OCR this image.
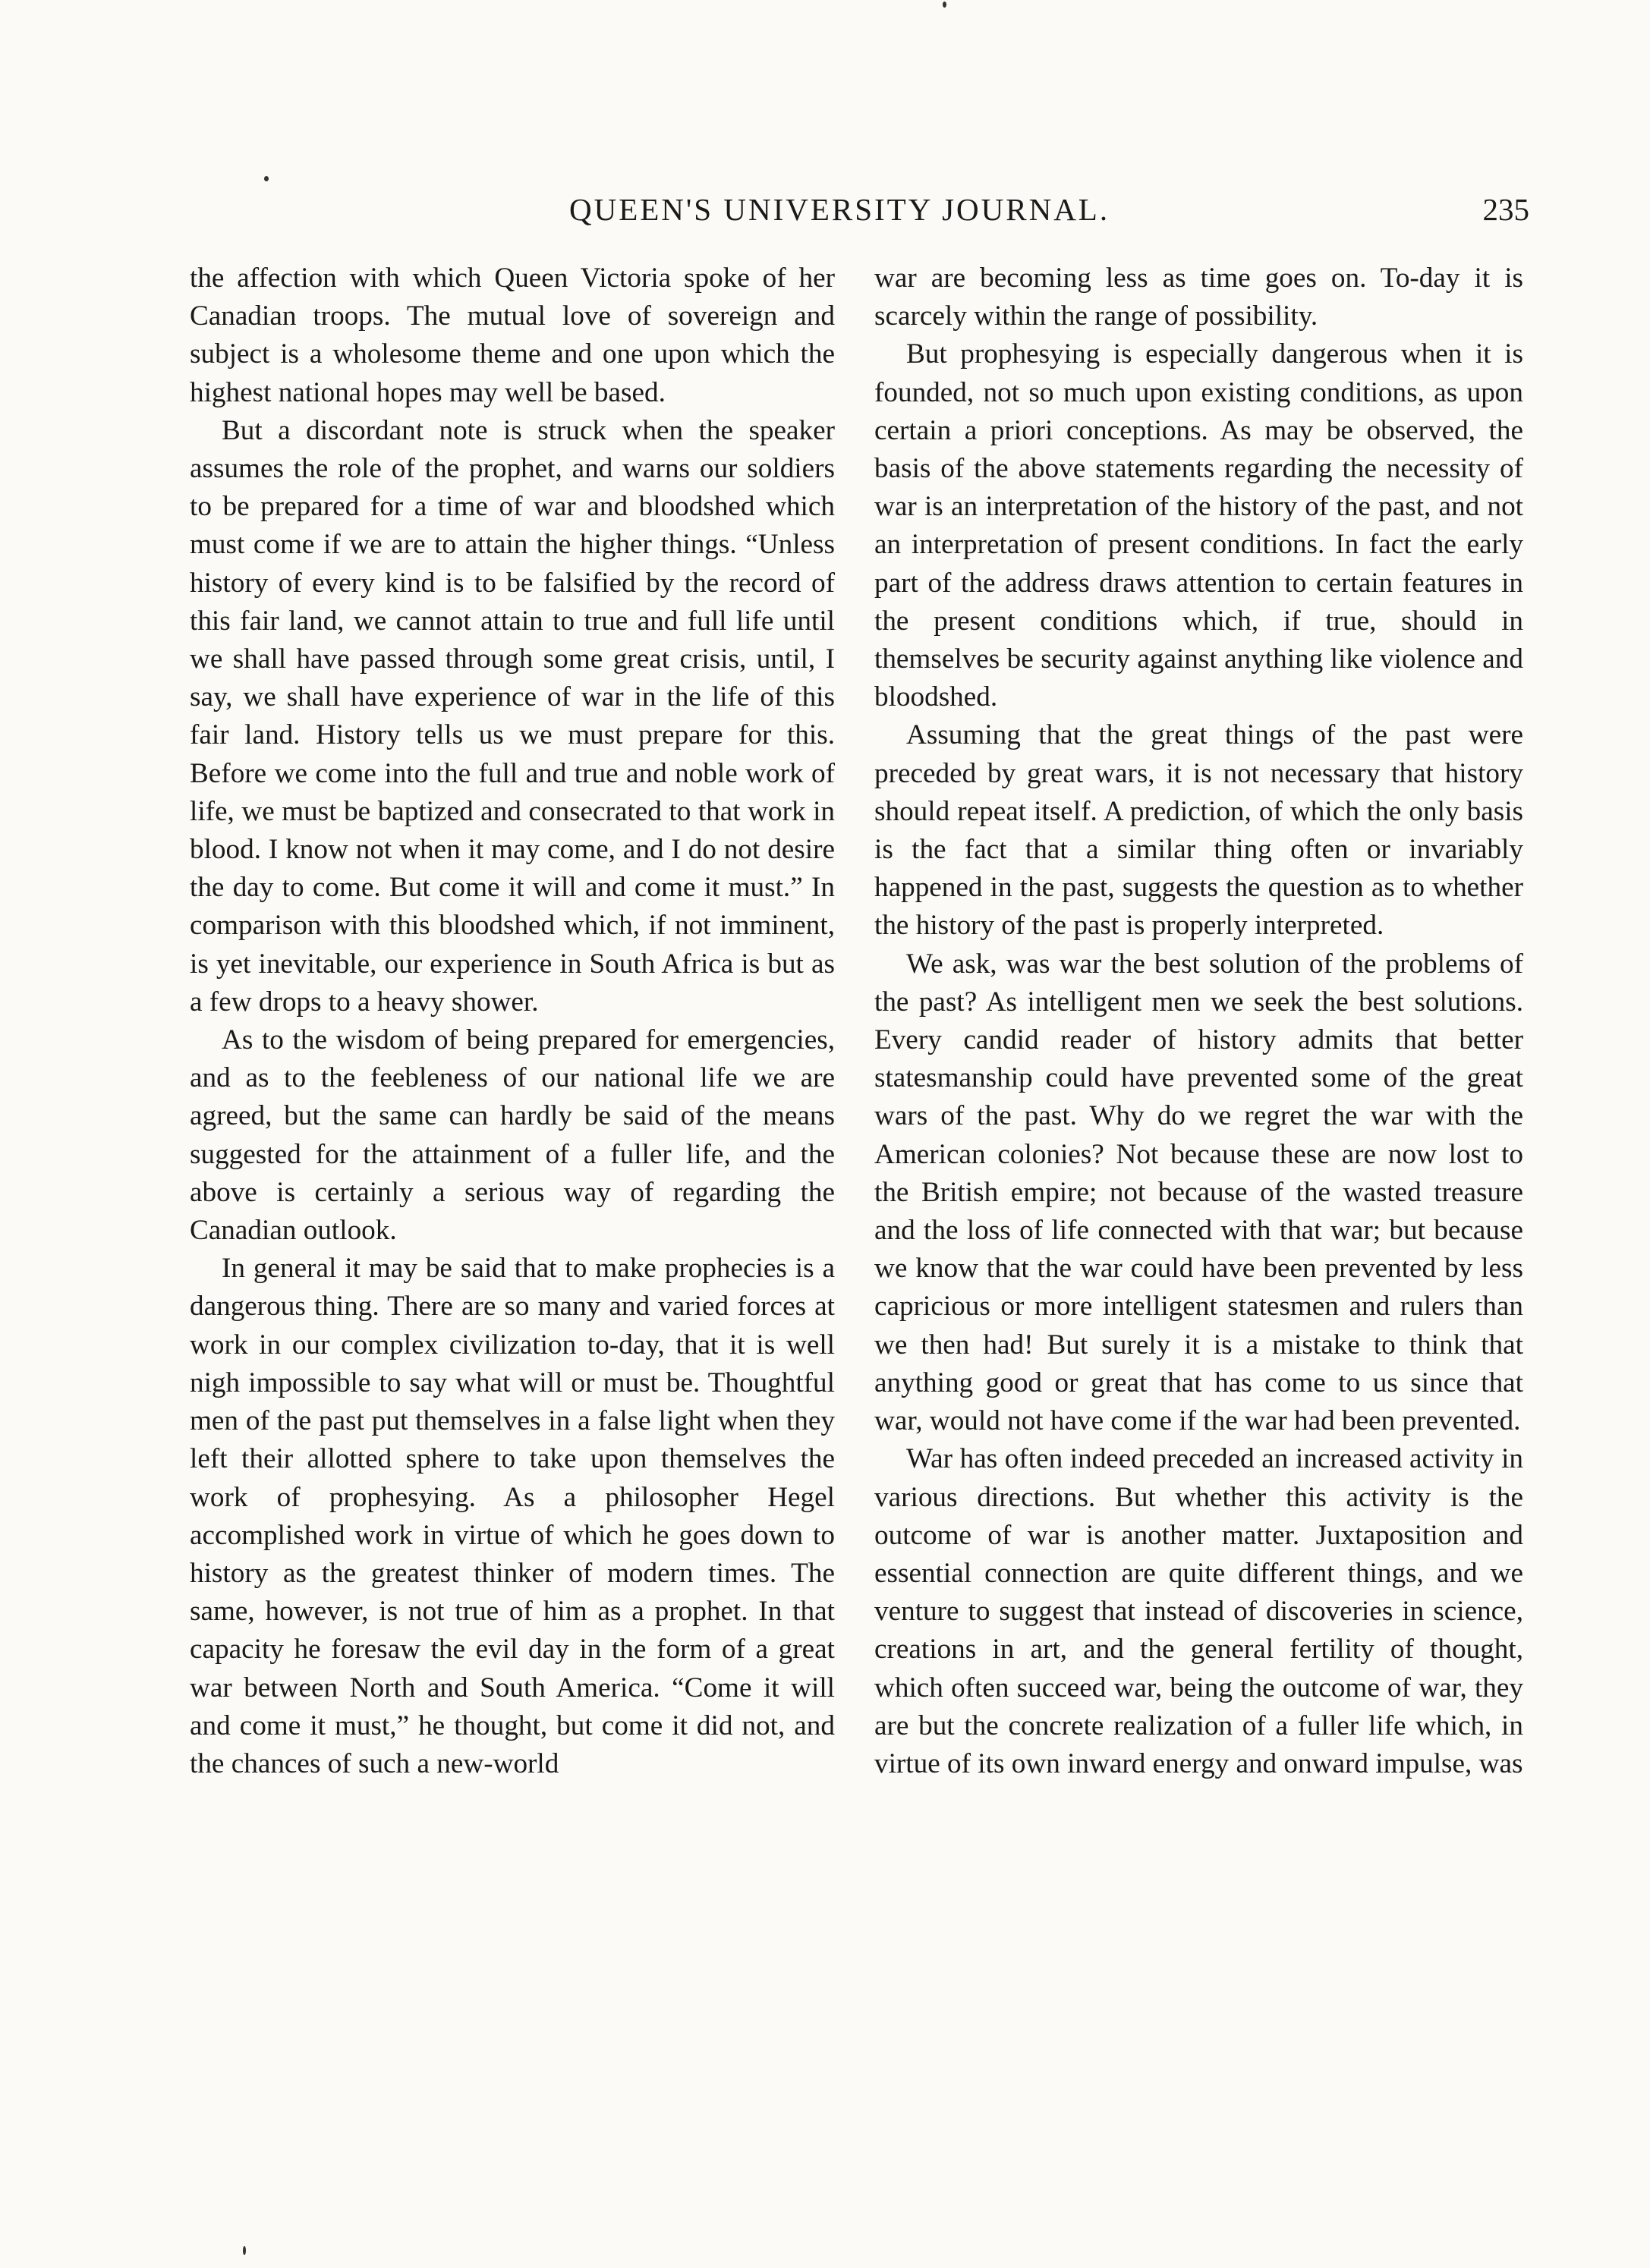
QUEEN'S UNIVERSITY JOURNAL.	235

the affection with which Queen Victoria spoke of her Canadian troops. The mutual love of sovereign and subject is a wholesome theme and one upon which the highest national hopes may well be based.

But a discordant note is struck when the speaker assumes the role of the prophet, and warns our soldiers to be prepared for a time of war and bloodshed which must come if we are to attain the higher things. “Unless history of every kind is to be falsified by the record of this fair land, we cannot attain to true and full life until we shall have passed through some great crisis, until, I say, we shall have experience of war in the life of this fair land. History tells us we must prepare for this. Before we come into the full and true and noble work of life, we must be baptized and consecrated to that work in blood. I know not when it may come, and I do not desire the day to come. But come it will and come it must.” In comparison with this bloodshed which, if not imminent, is yet inevitable, our experience in South Africa is but as a few drops to a heavy shower.

As to the wisdom of being prepared for emergencies, and as to the feebleness of our national life we are agreed, but the same can hardly be said of the means suggested for the attainment of a fuller life, and the above is certainly a serious way of regarding the Canadian outlook.

In general it may be said that to make prophecies is a dangerous thing. There are so many and varied forces at work in our complex civilization to-day, that it is well nigh impossible to say what will or must be. Thoughtful men of the past put themselves in a false light when they left their allotted sphere to take upon themselves the work of prophesying. As a philosopher Hegel accomplished work in virtue of which he goes down to history as the greatest thinker of modern times. The same, however, is not true of him as a prophet. In that capacity he foresaw the evil day in the form of a great war between North and South America. “Come it will and come it must,” he thought, but come it did not, and the chances of such a new-world

war are becoming less as time goes on. To-day it is scarcely within the range of possibility.

But prophesying is especially dangerous when it is founded, not so much upon existing conditions, as upon certain a priori conceptions. As may be observed, the basis of the above statements regarding the necessity of war is an interpretation of the history of the past, and not an interpretation of present conditions. In fact the early part of the address draws attention to certain features in the present conditions which, if true, should in themselves be security against anything like violence and bloodshed.

Assuming that the great things of the past were preceded by great wars, it is not necessary that history should repeat itself. A prediction, of which the only basis is the fact that a similar thing often or invariably happened in the past, suggests the question as to whether the history of the past is properly interpreted.

We ask, was war the best solution of the problems of the past? As intelligent men we seek the best solutions. Every candid reader of history admits that better statesmanship could have prevented some of the great wars of the past. Why do we regret the war with the American colonies? Not because these are now lost to the British empire; not because of the wasted treasure and the loss of life connected with that war; but because we know that the war could have been prevented by less capricious or more intelligent statesmen and rulers than we then had! But surely it is a mistake to think that anything good or great that has come to us since that war, would not have come if the war had been prevented.

War has often indeed preceded an increased activity in various directions. But whether this activity is the outcome of war is another matter. Juxtaposition and essential connection are quite different things, and we venture to suggest that instead of discoveries in science, creations in art, and the general fertility of thought, which often succeed war, being the outcome of war, they are but the concrete realization of a fuller life which, in virtue of its own inward energy and onward impulse, was
